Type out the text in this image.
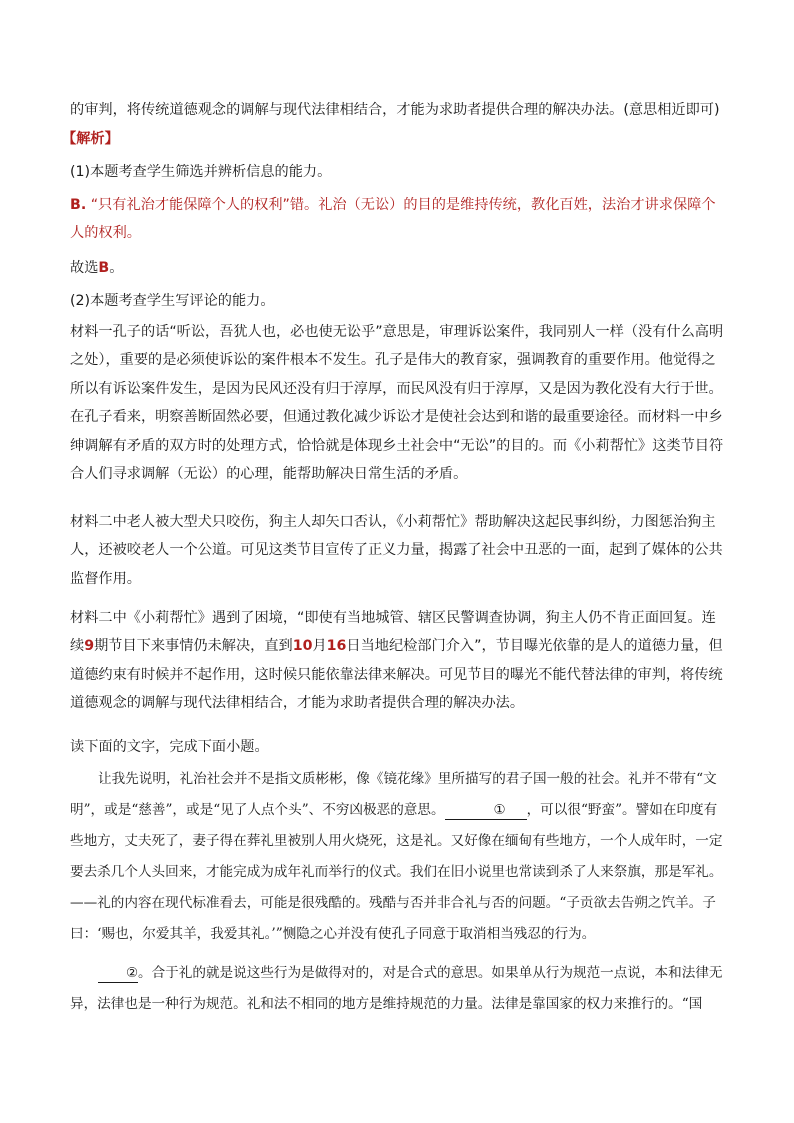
的审判，将传统道德观念的调解与现代法律相结合，才能为求助者提供合理的解决办法。(意思相近即可)
【解析】
(1)本题考查学生筛选并辨析信息的能力。
B. “只有礼治才能保障个人的权利”错。礼治（无讼）的目的是维持传统，教化百姓，法治才讲求保障个人的权利。
故选B。
(2)本题考查学生写评论的能力。
材料一孔子的话“听讼，吾犹人也，必也使无讼乎”意思是，审理诉讼案件，我同别人一样（没有什么高明之处），重要的是必须使诉讼的案件根本不发生。孔子是伟大的教育家，强调教育的重要作用。他觉得之所以有诉讼案件发生，是因为民风还没有归于淳厚，而民风没有归于淳厚，又是因为教化没有大行于世。在孔子看来，明察善断固然必要，但通过教化减少诉讼才是使社会达到和谐的最重要途径。而材料一中乡绅调解有矛盾的双方时的处理方式，恰恰就是体现乡土社会中“无讼”的目的。而《小莉帮忙》这类节目符合人们寻求调解（无讼）的心理，能帮助解决日常生活的矛盾。
材料二中老人被大型犬只咬伤，狗主人却矢口否认，《小莉帮忙》帮助解决这起民事纠纷，力图惩治狗主人，还被咬老人一个公道。可见这类节目宣传了正义力量，揭露了社会中丑恶的一面，起到了媒体的公共监督作用。
材料二中《小莉帮忙》遇到了困境，“即使有当地城管、辖区民警调查协调，狗主人仍不肯正面回复。连续9期节目下来事情仍未解决，直到10月16日当地纪检部门介入”，节目曝光依靠的是人的道德力量，但道德约束有时候并不起作用，这时候只能依靠法律来解决。可见节目的曝光不能代替法律的审判，将传统道德观念的调解与现代法律相结合，才能为求助者提供合理的解决办法。
读下面的文字，完成下面小题。
让我先说明，礼治社会并不是指文质彬彬，像《镜花缘》里所描写的君子国一般的社会。礼并不带有“文明”，或是“慈善”，或是“见了人点个头”、不穷凶极恶的意思。	① ，可以很“野蛮”。譬如在印度有些地方，丈夫死了，妻子得在葬礼里被别人用火烧死，这是礼。又好像在缅甸有些地方，一个人成年时，一定要去杀几个人头回来，才能完成为成年礼而举行的仪式。我们在旧小说里也常读到杀了人来祭旗，那是军礼。——礼的内容在现代标准看去，可能是很残酷的。残酷与否并非合礼与否的问题。“子贡欲去告朔之饩羊。子曰：‘赐也，尔爱其羊，我爱其礼。’”恻隐之心并没有使孔子同意于取消相当残忍的行为。
②。合于礼的就是说这些行为是做得对的，对是合式的意思。如果单从行为规范一点说，本和法律无异，法律也是一种行为规范。礼和法不相同的地方是维持规范的力量。法律是靠国家的权力来推行的。“国
